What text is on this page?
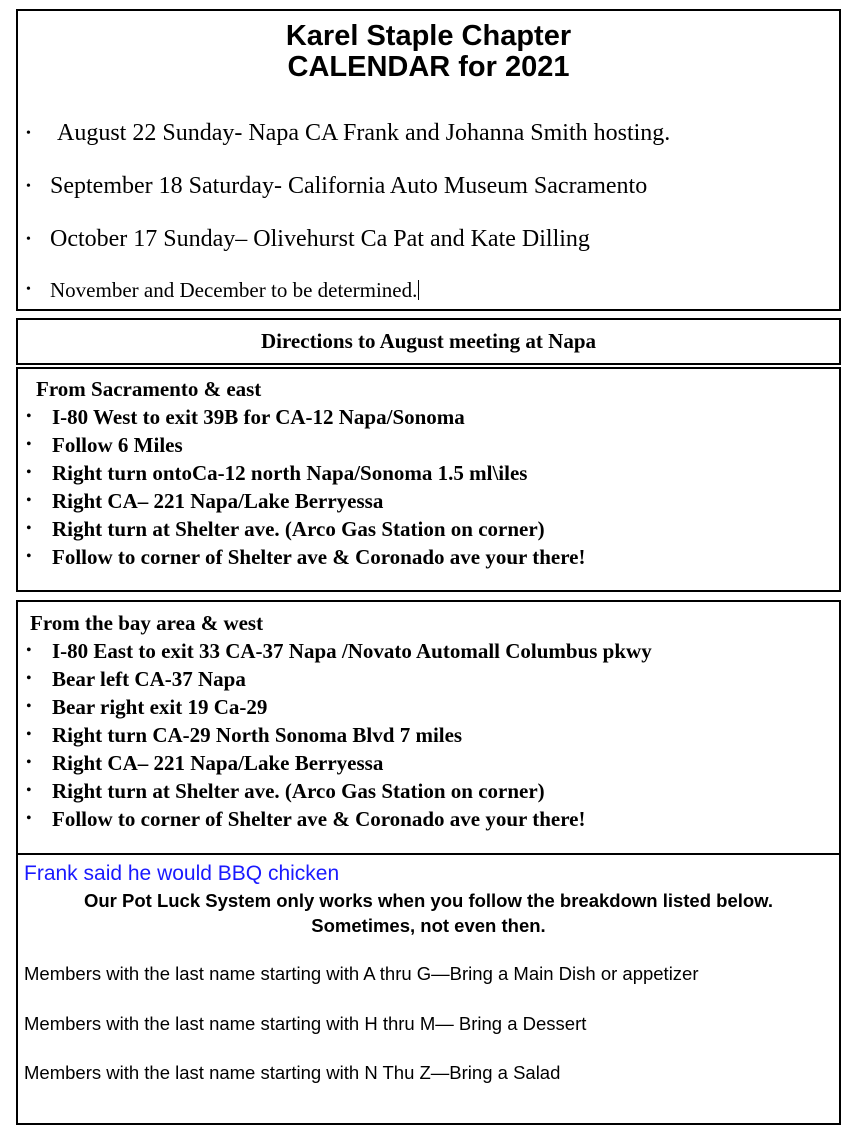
Karel Staple Chapter
CALENDAR for 2021
• August 22 Sunday- Napa CA Frank and Johanna Smith hosting.
• September 18 Saturday- California Auto Museum Sacramento
• October 17 Sunday– Olivehurst Ca Pat and Kate Dilling
• November and December to be determined.
Directions to August meeting at Napa
From Sacramento & east
• I-80 West to exit 39B for CA-12 Napa/Sonoma
• Follow 6 Miles
• Right turn ontoCa-12 north Napa/Sonoma 1.5 ml\iles
• Right CA– 221 Napa/Lake Berryessa
• Right turn at Shelter ave. (Arco Gas Station on corner)
• Follow to corner of Shelter ave & Coronado ave your there!
From the bay area & west
• I-80 East to exit 33 CA-37 Napa /Novato Automall Columbus pkwy
• Bear left CA-37 Napa
• Bear right exit 19 Ca-29
• Right turn CA-29 North Sonoma Blvd 7 miles
• Right CA– 221 Napa/Lake Berryessa
• Right turn at Shelter ave. (Arco Gas Station on corner)
• Follow to corner of Shelter ave & Coronado ave your there!
Frank said he would BBQ chicken
Our Pot Luck System only works when you follow the breakdown listed below.
Sometimes, not even then.
Members with the last name starting with A thru G—Bring a Main Dish or appetizer
Members with the last name starting with H thru M— Bring a Dessert
Members with the last name starting with N Thu Z—Bring a Salad
